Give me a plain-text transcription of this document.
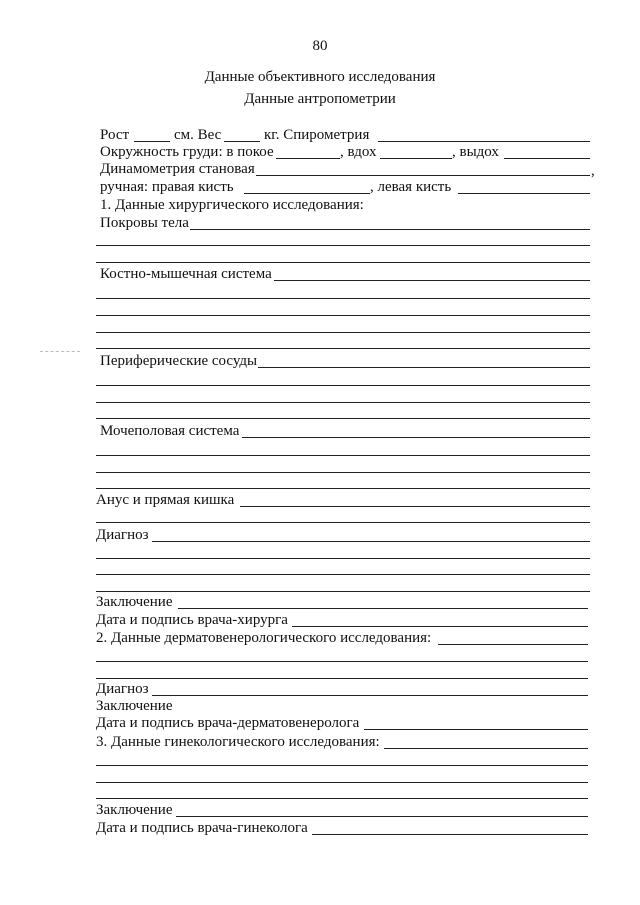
80
Данные объективного исследования
Данные антропометрии
Рост	см. Вес	кг. Спирометрия
Окружность груди: в покое	, вдох	, выдох
Динамометрия становая	,
ручная: правая кисть	, левая кисть
1. Данные хирургического исследования:
Покровы тела
Костно-мышечная система
Периферические сосуды
Мочеполовая система
Анус и прямая кишка
Диагноз
Заключение
Дата и подпись врача-хирурга
2. Данные дерматовенерологического исследования:
Диагноз
Заключение
Дата и подпись врача-дерматовенеролога
3. Данные гинекологического исследования:
Заключение
Дата и подпись врача-гинеколога
